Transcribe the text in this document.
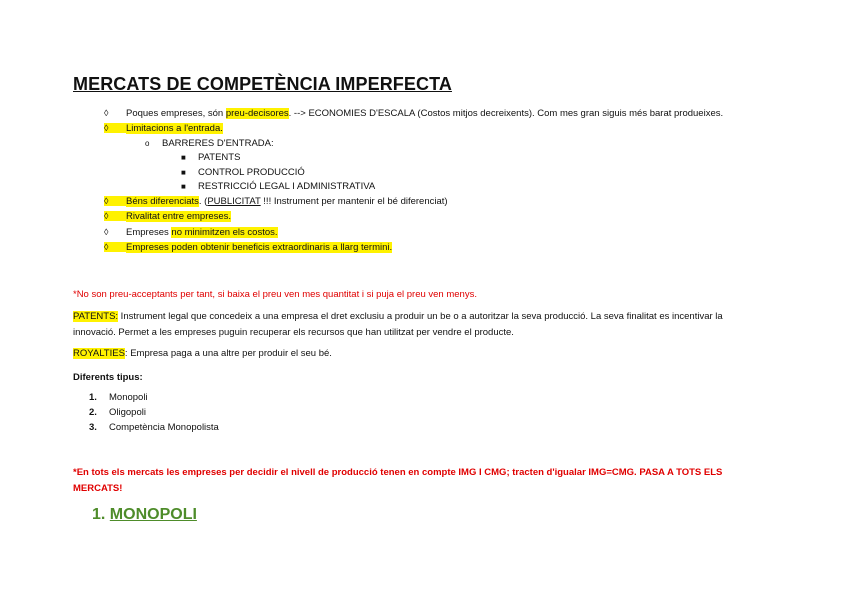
MERCATS DE COMPETÈNCIA IMPERFECTA
◊ Poques empreses, són preu-decisores. --> ECONOMIES D'ESCALA (Costos mitjos decreixents). Com mes gran siguis més barat produeixes.
◊ Limitacions a l'entrada.
o BARRERES D'ENTRADA:
■ PATENTS
■ CONTROL PRODUCCIÓ
■ RESTRICCIÓ LEGAL I ADMINISTRATIVA
◊ Béns diferenciats. (PUBLICITAT !!! Instrument per mantenir el bé diferenciat)
◊ Rivalitat entre empreses.
◊ Empreses no minimitzen els costos.
◊ Empreses poden obtenir beneficis extraordinaris a llarg termini.
*No son preu-acceptants per tant, si baixa el preu ven mes quantitat i si puja el preu ven menys.
PATENTS: Instrument legal que concedeix a una empresa el dret exclusiu a produir un be o a autoritzar la seva producció. La seva finalitat es incentivar la
innovació. Permet a les empreses puguin recuperar els recursos que han utilitzat per vendre el producte.
ROYALTIES: Empresa paga a una altre per produir el seu bé.
Diferents tipus:
1. Monopoli
2. Oligopoli
3. Competència Monopolista
*En tots els mercats les empreses per decidir el nivell de producció tenen en compte IMG I CMG; tracten d'igualar IMG=CMG. PASA A TOTS ELS
MERCATS!
1. MONOPOLI
